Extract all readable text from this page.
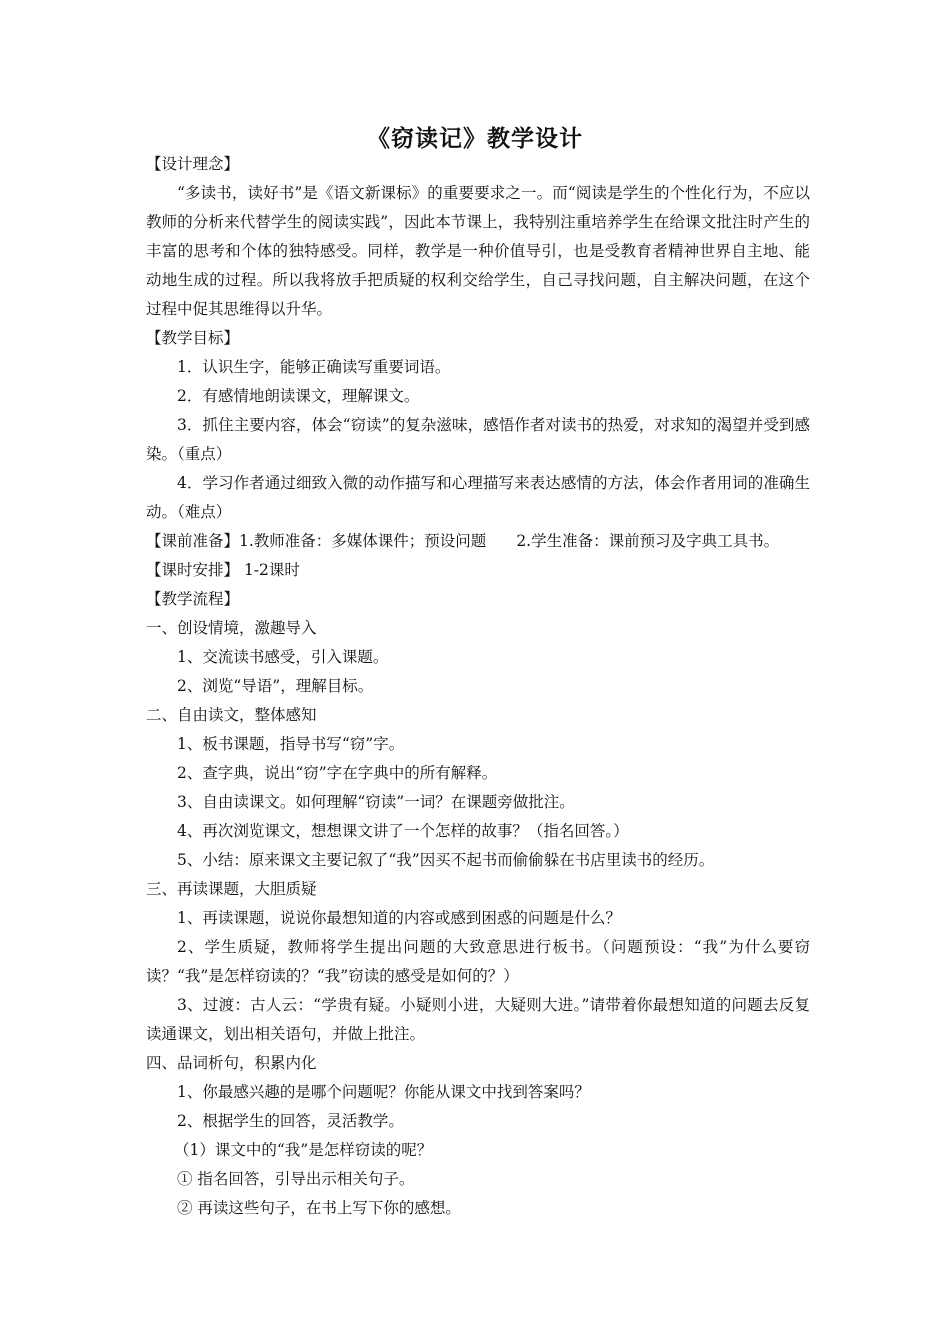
《窃读记》教学设计
【设计理念】
“多读书，读好书”是《语文新课标》的重要要求之一。而“阅读是学生的个性化行为，不应以教师的分析来代替学生的阅读实践”，因此本节课上，我特别注重培养学生在给课文批注时产生的丰富的思考和个体的独特感受。同样，教学是一种价值导引，也是受教育者精神世界自主地、能动地生成的过程。所以我将放手把质疑的权利交给学生，自己寻找问题，自主解决问题，在这个过程中促其思维得以升华。
【教学目标】
1．认识生字，能够正确读写重要词语。
2．有感情地朗读课文，理解课文。
3．抓住主要内容，体会“窃读”的复杂滋味，感悟作者对读书的热爱，对求知的渴望并受到感染。（重点）
4．学习作者通过细致入微的动作描写和心理描写来表达感情的方法，体会作者用词的准确生动。（难点）
【课前准备】1.教师准备：多媒体课件；预设问题 2.学生准备：课前预习及字典工具书。
【课时安排】 1-2课时
【教学流程】
一、创设情境，激趣导入
1、交流读书感受，引入课题。
2、浏览“导语”，理解目标。
二、自由读文，整体感知
1、板书课题，指导书写“窃”字。
2、查字典，说出“窃”字在字典中的所有解释。
3、自由读课文。如何理解“窃读”一词？在课题旁做批注。
4、再次浏览课文，想想课文讲了一个怎样的故事？（指名回答。）
5、小结：原来课文主要记叙了“我”因买不起书而偷偷躲在书店里读书的经历。
三、再读课题，大胆质疑
1、再读课题，说说你最想知道的内容或感到困惑的问题是什么？
2、学生质疑，教师将学生提出问题的大致意思进行板书。（问题预设：“我”为什么要窃读？“我”是怎样窃读的？“我”窃读的感受是如何的？）
3、过渡：古人云：“学贵有疑。小疑则小进，大疑则大进。”请带着你最想知道的问题去反复读通课文，划出相关语句，并做上批注。
四、品词析句，积累内化
1、你最感兴趣的是哪个问题呢？你能从课文中找到答案吗？
2、根据学生的回答，灵活教学。
（1）课文中的“我”是怎样窃读的呢？
① 指名回答，引导出示相关句子。
② 再读这些句子，在书上写下你的感想。
